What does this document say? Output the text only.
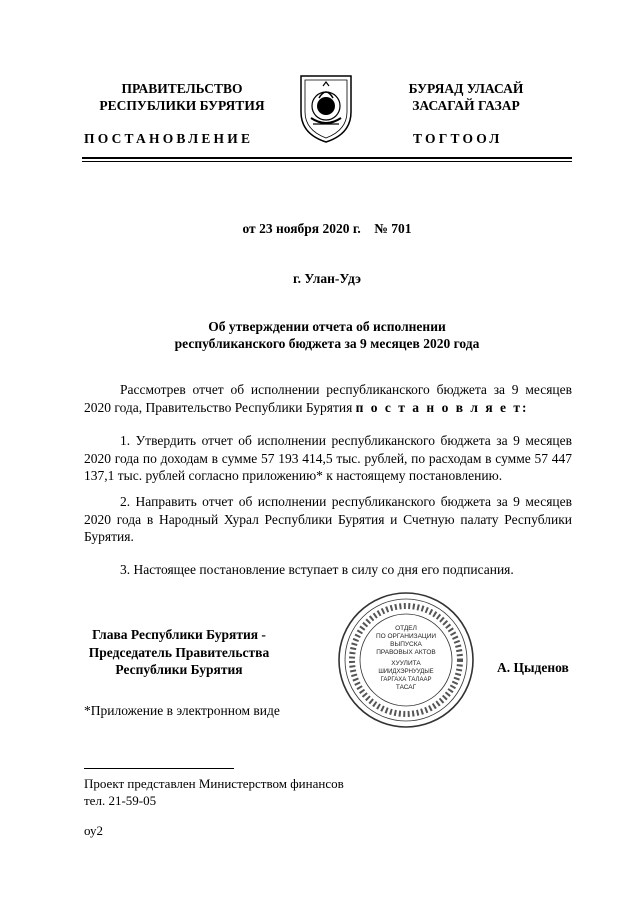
ПРАВИТЕЛЬСТВО
РЕСПУБЛИКИ БУРЯТИЯ
БУРЯАД УЛАСАЙ
ЗАСАГАЙ ГАЗАР
ПОСТАНОВЛЕНИЕ	ТОГТООЛ
от 23 ноября 2020 г.    № 701
г. Улан-Удэ
Об утверждении отчета об исполнении
республиканского бюджета за 9 месяцев 2020 года

Рассмотрев отчет об исполнении республиканского бюджета за 9 месяцев 2020 года, Правительство Республики Бурятия п о с т а н о в л я е т:

1. Утвердить отчет об исполнении республиканского бюджета за 9 месяцев 2020 года по доходам в сумме 57 193 414,5 тыс. рублей, по расходам в сумме 57 447 137,1 тыс. рублей согласно приложению* к настоящему постановлению.

2. Направить отчет об исполнении республиканского бюджета за 9 месяцев 2020 года в Народный Хурал Республики Бурятия и Счетную палату Республики Бурятия.

3. Настоящее постановление вступает в силу со дня его подписания.

ОТДЕЛ
ПО ОРГАНИЗАЦИИ
ВЫПУСКА
ПРАВОВЫХ АКТОВ
ХУУЛИТА
ШИИДХЭРНУУДЫЕ
ГАРГАХА ТАЛААР
ТАСАГ
Глава Республики Бурятия -
Председатель Правительства
Республики Бурятия	А. Цыденов
*Приложение в электронном виде
Проект представлен Министерством финансов
тел. 21-59-05
оу2
